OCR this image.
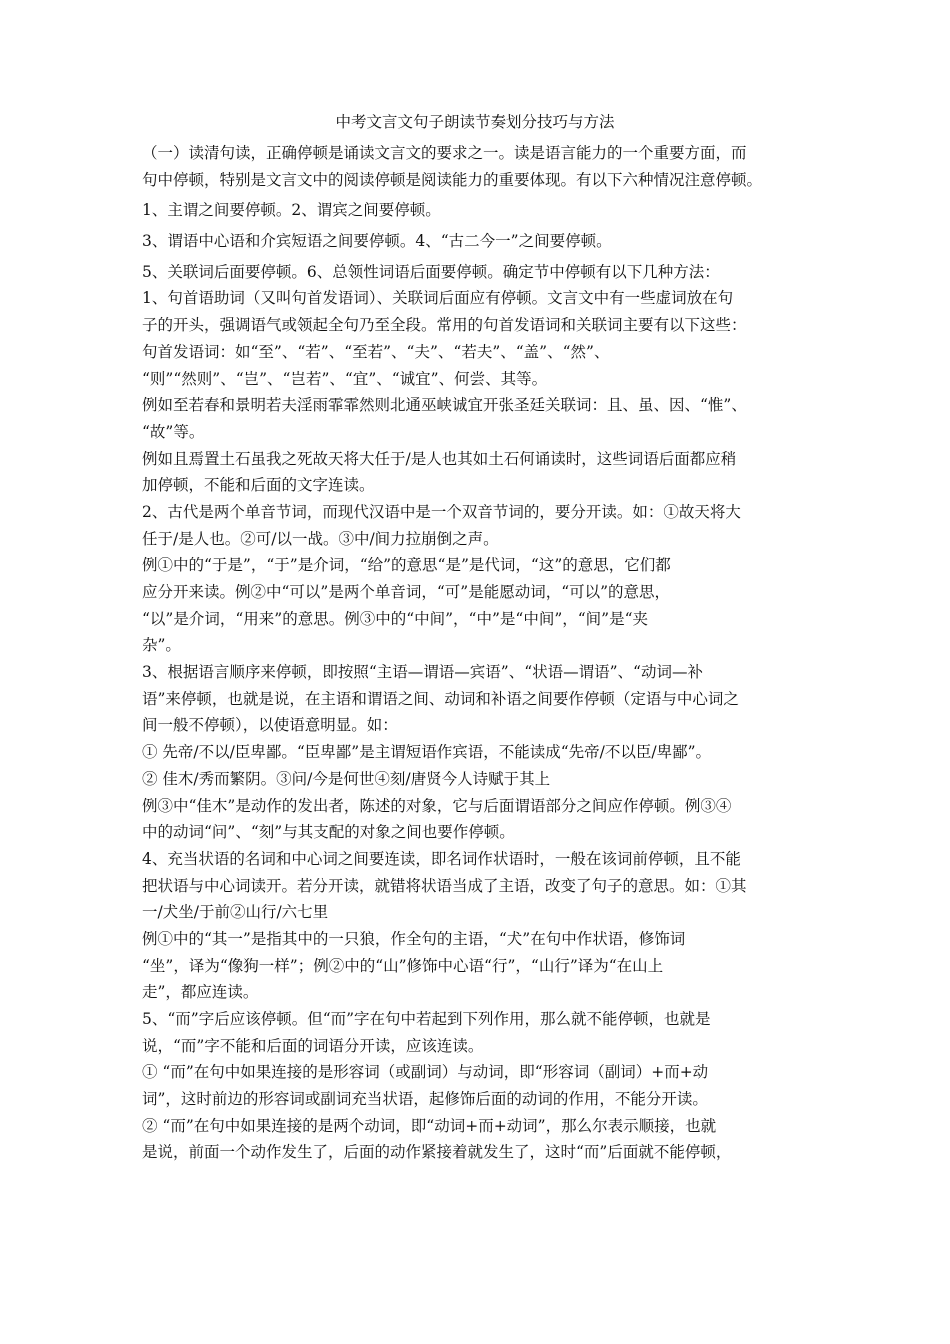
中考文言文句子朗读节奏划分技巧与方法
（一）读清句读，正确停顿是诵读文言文的要求之一。读是语言能力的一个重要方面，而
句中停顿，特别是文言文中的阅读停顿是阅读能力的重要体现。有以下六种情况注意停顿。
1、主谓之间要停顿。2、谓宾之间要停顿。
3、谓语中心语和介宾短语之间要停顿。4、“古二今一”之间要停顿。
5、关联词后面要停顿。6、总领性词语后面要停顿。确定节中停顿有以下几种方法：
1、句首语助词（又叫句首发语词）、关联词后面应有停顿。文言文中有一些虚词放在句
子的开头，强调语气或领起全句乃至全段。常用的句首发语词和关联词主要有以下这些：
句首发语词：如“至”、“若”、“至若”、“夫”、“若夫”、“盖”、“然”、
“则”“然则”、“岂”、“岂若”、“宜”、“诚宜”、何尝、其等。
例如至若春和景明若夫淫雨霏霏然则北通巫峡诚宜开张圣廷关联词：且、虽、因、“惟”、
“故”等。
例如且焉置土石虽我之死故天将大任于/是人也其如土石何诵读时，这些词语后面都应稍
加停顿，不能和后面的文字连读。
2、古代是两个单音节词，而现代汉语中是一个双音节词的，要分开读。如：①故天将大
任于/是人也。②可/以一战。③中/间力拉崩倒之声。
例①中的“于是”，“于”是介词，“给”的意思“是”是代词，“这”的意思，它们都
应分开来读。例②中“可以”是两个单音词，“可”是能愿动词，“可以”的意思，
“以”是介词，“用来”的意思。例③中的“中间”，“中”是“中间”，“间”是“夹
杂”。
3、根据语言顺序来停顿，即按照“主语—谓语—宾语”、“状语—谓语”、“动词—补
语”来停顿，也就是说，在主语和谓语之间、动词和补语之间要作停顿（定语与中心词之
间一般不停顿），以使语意明显。如：
① 先帝/不以/臣卑鄙。“臣卑鄙”是主谓短语作宾语，不能读成“先帝/不以臣/卑鄙”。
② 佳木/秀而繁阴。③问/今是何世④刻/唐贤今人诗赋于其上
例③中“佳木”是动作的发出者，陈述的对象，它与后面谓语部分之间应作停顿。例③④
中的动词“问”、“刻”与其支配的对象之间也要作停顿。
4、充当状语的名词和中心词之间要连读，即名词作状语时，一般在该词前停顿，且不能
把状语与中心词读开。若分开读，就错将状语当成了主语，改变了句子的意思。如：①其
一/犬坐/于前②山行/六七里
例①中的“其一”是指其中的一只狼，作全句的主语，“犬”在句中作状语，修饰词
“坐”，译为“像狗一样”；例②中的“山”修饰中心语“行”，“山行”译为“在山上
走”，都应连读。
5、“而”字后应该停顿。但“而”字在句中若起到下列作用，那么就不能停顿，也就是
说，“而”字不能和后面的词语分开读，应该连读。
① “而”在句中如果连接的是形容词（或副词）与动词，即“形容词（副词）+而+动
词”，这时前边的形容词或副词充当状语，起修饰后面的动词的作用，不能分开读。
② “而”在句中如果连接的是两个动词，即“动词+而+动词”，那么尔表示顺接，也就
是说，前面一个动作发生了，后面的动作紧接着就发生了，这时“而”后面就不能停顿，
